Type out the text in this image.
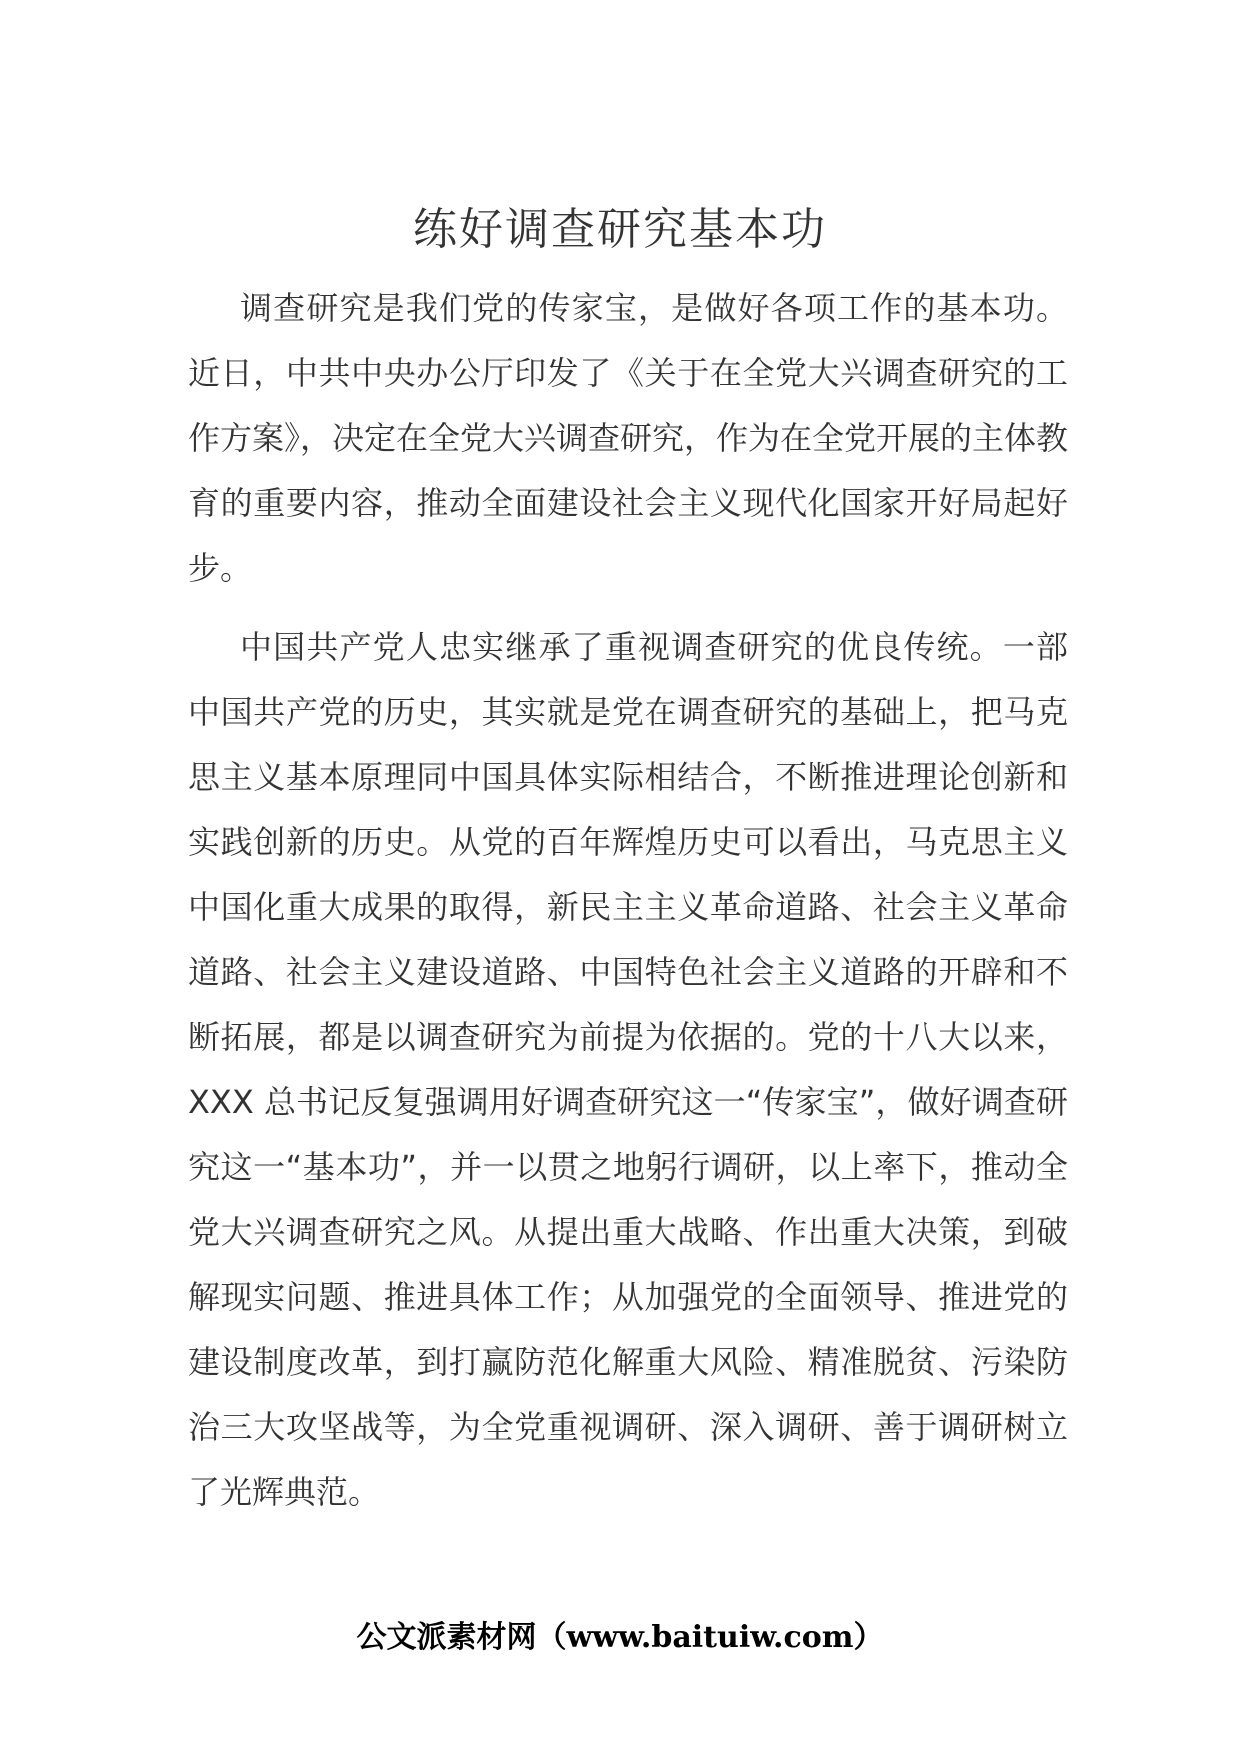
练好调查研究基本功

调查研究是我们党的传家宝，是做好各项工作的基本功。近日，中共中央办公厅印发了《关于在全党大兴调查研究的工作方案》，决定在全党大兴调查研究，作为在全党开展的主体教育的重要内容，推动全面建设社会主义现代化国家开好局起好步。

中国共产党人忠实继承了重视调查研究的优良传统。一部中国共产党的历史，其实就是党在调查研究的基础上，把马克思主义基本原理同中国具体实际相结合，不断推进理论创新和实践创新的历史。从党的百年辉煌历史可以看出，马克思主义中国化重大成果的取得，新民主主义革命道路、社会主义革命道路、社会主义建设道路、中国特色社会主义道路的开辟和不断拓展，都是以调查研究为前提为依据的。党的十八大以来，XXX 总书记反复强调用好调查研究这一“传家宝”，做好调查研究这一“基本功”，并一以贯之地躬行调研，以上率下，推动全党大兴调查研究之风。从提出重大战略、作出重大决策，到破解现实问题、推进具体工作；从加强党的全面领导、推进党的建设制度改革，到打赢防范化解重大风险、精准脱贫、污染防治三大攻坚战等，为全党重视调研、深入调研、善于调研树立了光辉典范。

公文派素材网（www.baituiw.com）
